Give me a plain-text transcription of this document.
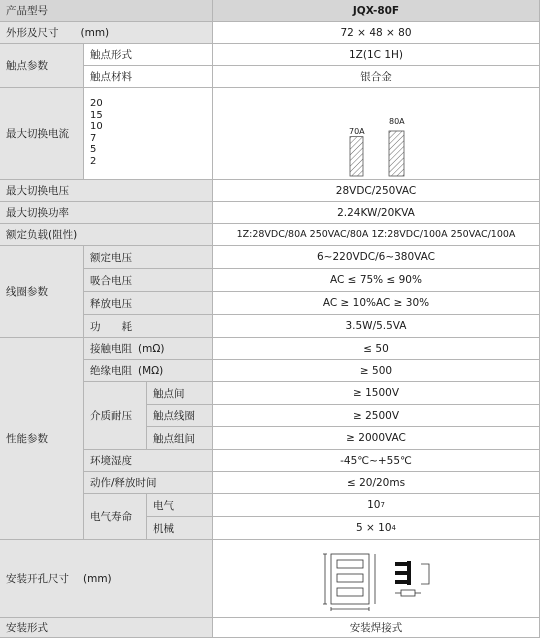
产品型号	JQX-80F
外形及尺寸 (mm)	72 × 48 × 80
触点参数
触点形式	1Z(1C 1H)
触点材料	银合金
最大切换电流
20
15
10
7
5
2
70A
80A
最大切换电压	28VDC/250VAC
最大切换功率	2.24KW/20KVA
额定负载(阻性)	1Z:28VDC/80A 250VAC/80A 1Z:28VDC/100A 250VAC/100A
线圈参数
额定电压	6~220VDC/6~380VAC
吸合电压	AC ≤ 75% ≤ 90%
释放电压	AC ≥ 10%AC ≥ 30%
功　　耗	3.5W/5.5VA
性能参数
接触电阻 (mΩ)	≤ 50
绝缘电阻 (MΩ)	≥ 500
介质耐压
触点间	≥ 1500V
触点线圈	≥ 2500V
触点组间	≥ 2000VAC
环境湿度	-45℃~+55℃
动作/释放时间	≤ 20/20ms
电气寿命
电气	10 7
机械	5 × 10 4
安装开孔尺寸 (mm)
安装形式	安装焊接式
